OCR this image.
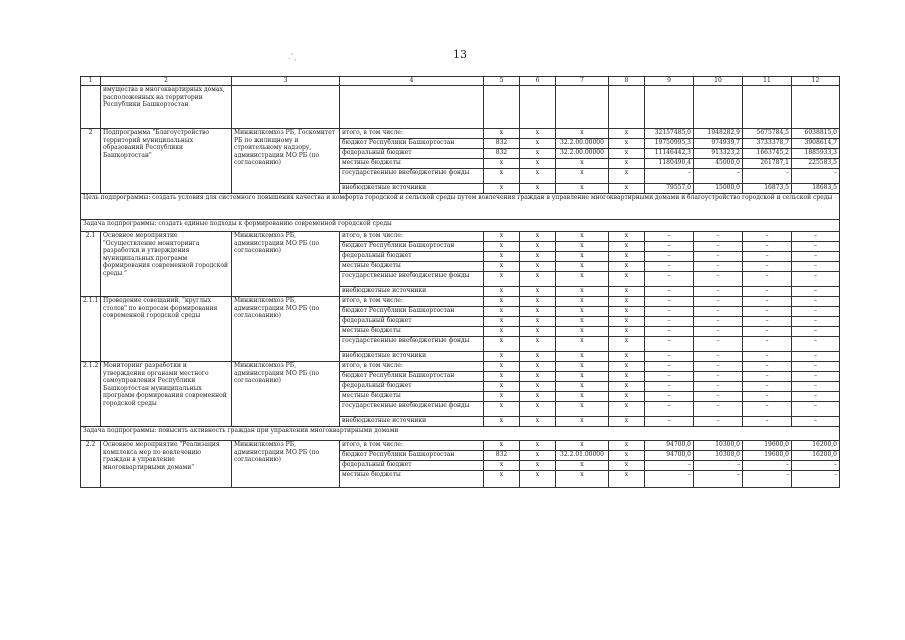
13
.’¸
1	2	3	4	5	6	7	8	9	10	11	12
	имущества в многоквартирных домах, расположенных на территории Республики Башкортостан										
2	Подпрограмма "Благоустройство территорий муниципальных образований Республики Башкортостан"	Минжилкомхоз РБ, Госкомитет РБ по жилищному и строительному надзору, администрации МО РБ (по согласованию)	итого, в том числе:	x	x	x	x	32157485,0	1948282,9	5675784,5	6038815,0
			бюджет Республики Башкортостан	832	x	32.2.00.00000	x	19750995,3	974939,7	3733378,7	3908614,7
			федеральный бюджет	832	x	32.2.00.00000	x	11146442,3	913323,2	1663745,2	1885933,3
			местные бюджеты	x	x	x	x	1180490,4	45000,0	261787,1	225583,5
			государственные внебюджетные фонды	x	x	x	x	–	–	–	–
			внебюджетные источники	x	x	x	x	79557,0	15000,0	16873,5	18683,5
Цель подпрограммы: создать условия для системного повышения качества и комфорта городской и сельской среды путем вовлечения граждан в управление многоквартирными домами и благоустройство городской и сельской среды											
Задача подпрограммы: создать единые подходы к формированию современной городской среды											
2.1	Основное мероприятие "Осуществление мониторинга разработки и утверждения муниципальных программ формирования современной городской среды "	Минжилкомхоз РБ, администрации МО РБ (по согласованию)	итого, в том числе:	x	x	x	x	–	–	–	–
			бюджет Республики Башкортостан	x	x	x	x	–	–	–	–
			федеральный бюджет	x	x	x	x	–	–	–	–
			местные бюджеты	x	x	x	x	–	–	–	–
			государственные внебюджетные фонды	x	x	x	x	–	–	–	–
			внебюджетные источники	x	x	x	x	–	–	–	–
2.1.1	Проведение совещаний, "круглых столов" по вопросам формирования современной городской среды	Минжилкомхоз РБ, администрации МО РБ (по согласованию)	итого, в том числе:	x	x	x	x	–	–	–	–
			бюджет Республики Башкортостан	x	x	x	x	–	–	–	–
			федеральный бюджет	x	x	x	x	–	–	–	–
			местные бюджеты	x	x	x	x	–	–	–	–
			государственные внебюджетные фонды	x	x	x	x	–	–	–	–
			внебюджетные источники	x	x	x	x	–	–	–	–
2.1.2	Мониторинг разработки и утверждения органами местного самоуправления Республики Башкортостан муниципальных программ формирования современной городской среды	Минжилкомхоз РБ, администрации МО РБ (по согласованию)	итого, в том числе:	x	x	x	x	–	–	–	–
			бюджет Республики Башкортостан	x	x	x	x	–	–	–	–
			федеральный бюджет	x	x	x	x	–	–	–	–
			местные бюджеты	x	x	x	x	–	–	–	–
			государственные внебюджетные фонды	x	x	x	x	–	–	–	–
			внебюджетные источники	x	x	x	x	–	–	–	–
Задача подпрограммы: повысить активность граждан при управлении многоквартирными домами											
2.2	Основное мероприятие "Реализация комплекса мер по вовлечению граждан в управление многоквартирными домами"	Минжилкомхоз РБ, администрации МО РБ (по согласованию)	итого, в том числе:	x	x	x	x	94700,0	10300,0	19600,0	16200,0
			бюджет Республики Башкортостан	832	x	32.2.01.00000	x	94700,0	10300,0	19600,0	16200,0
			федеральный бюджет	x	x	x	x	–	–	–	–
			местные бюджеты	x	x	x	x	–	–	–	–
